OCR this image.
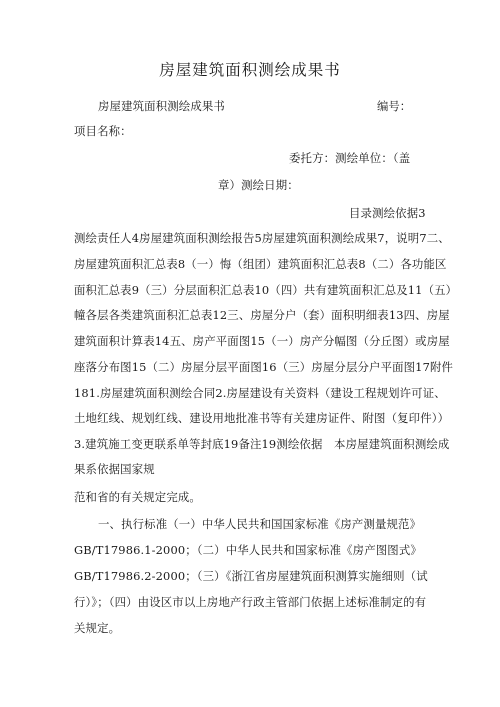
房屋建筑面积测绘成果书
房屋建筑面积测绘成果书	编号：
项目名称：
委托方：测绘单位：（盖
章）测绘日期：
目录测绘依据3
测绘责任人4房屋建筑面积测绘报告5房屋建筑面积测绘成果7，说明7二、
房屋建筑面积汇总表8（一）悔（组团）建筑面积汇总表8（二）各功能区
面积汇总表9（三）分层面积汇总表10（四）共有建筑面积汇总及11（五）
幢各层各类建筑面积汇总表12三、房屋分户（套）面积明细表13四、房屋
建筑面积计算表14五、房产平面图15（一）房产分幅图（分丘图）或房屋
座落分布图15（二）房屋分层平面图16（三）房屋分层分户平面图17附件
181.房屋建筑面积测绘合同2.房屋建设有关资料（建设工程规划许可证、
土地红线、规划红线、建设用地批准书等有关建房证件、附图（复印件））
3.建筑施工变更联系单等封底19备注19测绘依据　本房屋建筑面积测绘成
果系依据国家规
范和省的有关规定完成。
一、执行标准（一）中华人民共和国国家标准《房产测量规范》
GB/T17986.1-2000；（二）中华人民共和国家标准《房产图图式》
GB/T17986.2-2000；（三）《浙江省房屋建筑面积测算实施细则（试
行）》；（四）由设区市以上房地产行政主管部门依据上述标准制定的有
关规定。
